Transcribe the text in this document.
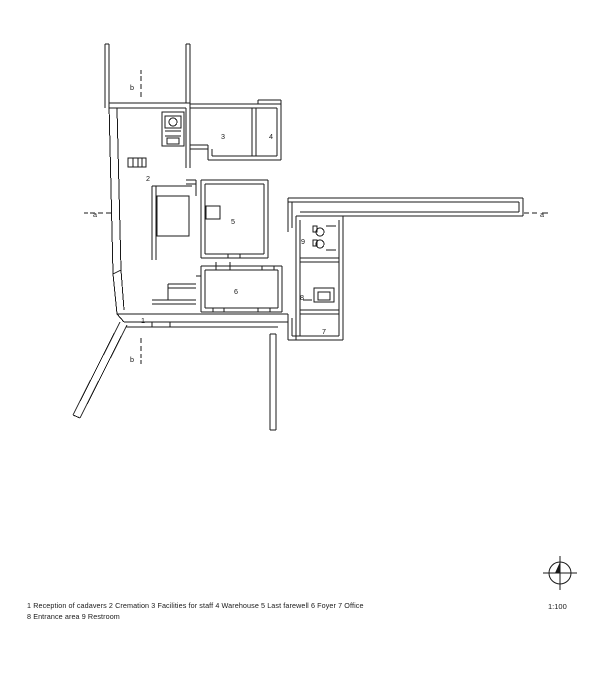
b
a	a
b
1
2
3	4
5
6
7
8
9
1 Reception of cadavers 2 Cremation 3 Facilities for staff 4 Warehouse 5 Last farewell 6 Foyer 7 Office
8 Entrance area 9 Restroom
1:100
